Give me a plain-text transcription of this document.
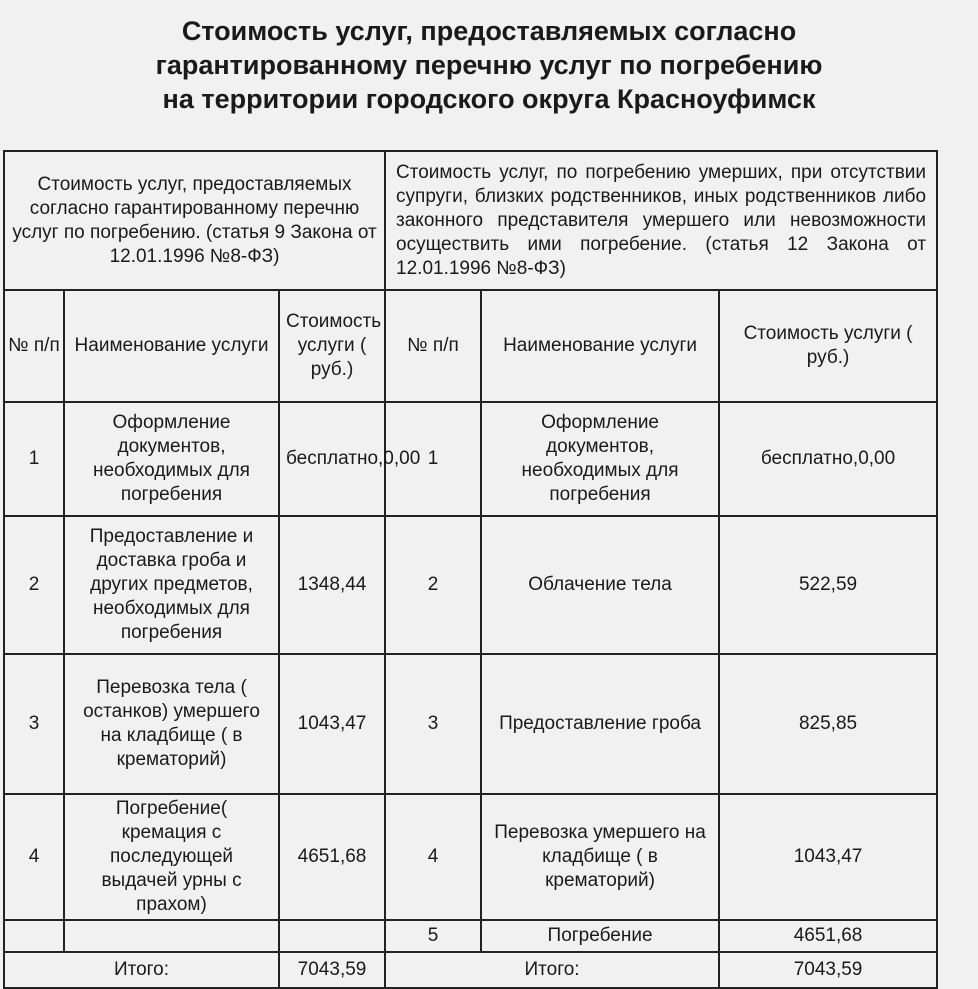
Стоимость услуг, предоставляемых согласно
гарантированному перечню услуг по погребению
на территории городского округа Красноуфимск
Стоимость услуг, предоставляемых согласно гарантированному перечню услуг по погребению. (статья 9 Закона от 12.01.1996 №8-ФЗ)			Стоимость услуг, по погребению умерших, при отсутствии супруги, близких родственников, иных родственников либо законного представителя умершего или невозможности осуществить ими погребение. (статья 12 Закона от 12.01.1996 №8-ФЗ)		
№ п/п	Наименование услуги	Стоимость услуги ( руб.)	№ п/п	Наименование услуги	Стоимость услуги ( руб.)
1	Оформление документов, необходимых для погребения	бесплатно,0,00	1	Оформление документов, необходимых для погребения	бесплатно,0,00
2	Предоставление и доставка гроба и других предметов, необходимых для погребения	1348,44	2	Облачение тела	522,59
3	Перевозка тела ( останков) умершего на кладбище ( в крематорий)	1043,47	3	Предоставление гроба	825,85
4	Погребение( кремация с последующей выдачей урны с прахом)	4651,68	4	Перевозка умершего на кладбище ( в крематорий)	1043,47
			5	Погребение	4651,68
Итого:		7043,59	Итого:		7043,59
